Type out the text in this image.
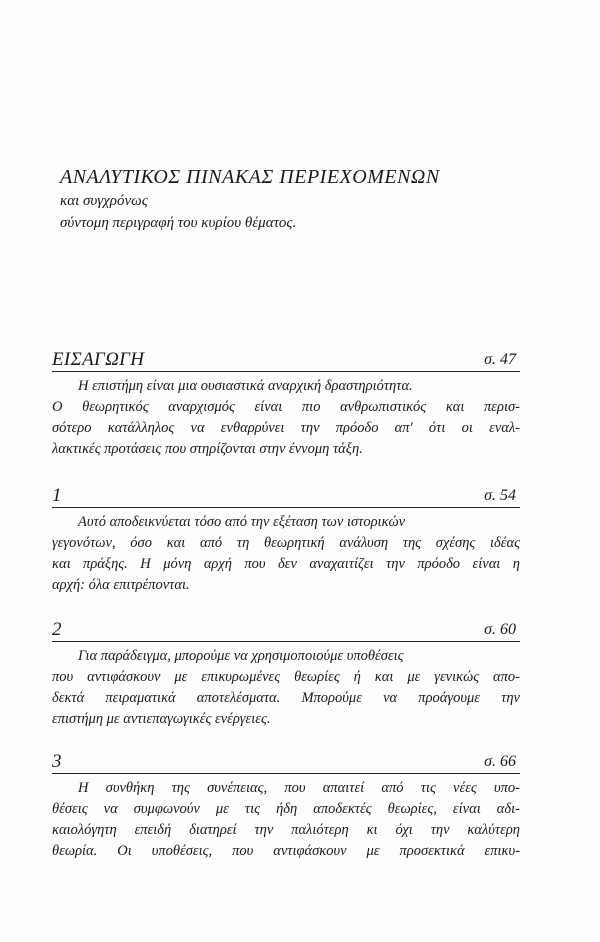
ΑΝΑΛΥΤΙΚΟΣ ΠΙΝΑΚΑΣ ΠΕΡΙΕΧΟΜΕΝΩΝ

και συγχρόνως

σύντομη περιγραφή του κυρίου θέματος.

ΕΙΣΑΓΩΓΗ	σ. 47
Η επιστήμη είναι μια ουσιαστικά αναρχική δραστηριότητα.
Ο θεωρητικός αναρχισμός είναι πιο ανθρωπιστικός και περισ-
σότερο κατάλληλος να ενθαρρύνει την πρόοδο απ' ότι οι εναλ-
λακτικές προτάσεις που στηρίζονται στην έννομη τάξη.
1	σ. 54
Αυτό αποδεικνύεται τόσο από την εξέταση των ιστορικών
γεγονότων, όσο και από τη θεωρητική ανάλυση της σχέσης ιδέας
και πράξης. Η μόνη αρχή που δεν αναχαιτίζει την πρόοδο είναι η
αρχή: όλα επιτρέπονται.
2	σ. 60
Για παράδειγμα, μπορούμε να χρησιμοποιούμε υποθέσεις
που αντιφάσκουν με επικυρωμένες θεωρίες ή και με γενικώς απο-
δεκτά πειραματικά αποτελέσματα. Μπορούμε να προάγουμε την
επιστήμη με αντιεπαγωγικές ενέργειες.
3	σ. 66
Η συνθήκη της συνέπειας, που απαιτεί από τις νέες υπο-
θέσεις να συμφωνούν με τις ήδη αποδεκτές θεωρίες, είναι αδι-
καιολόγητη επειδή διατηρεί την παλιότερη κι όχι την καλύτερη
θεωρία. Οι υποθέσεις, που αντιφάσκουν με προσεκτικά επικυ-
